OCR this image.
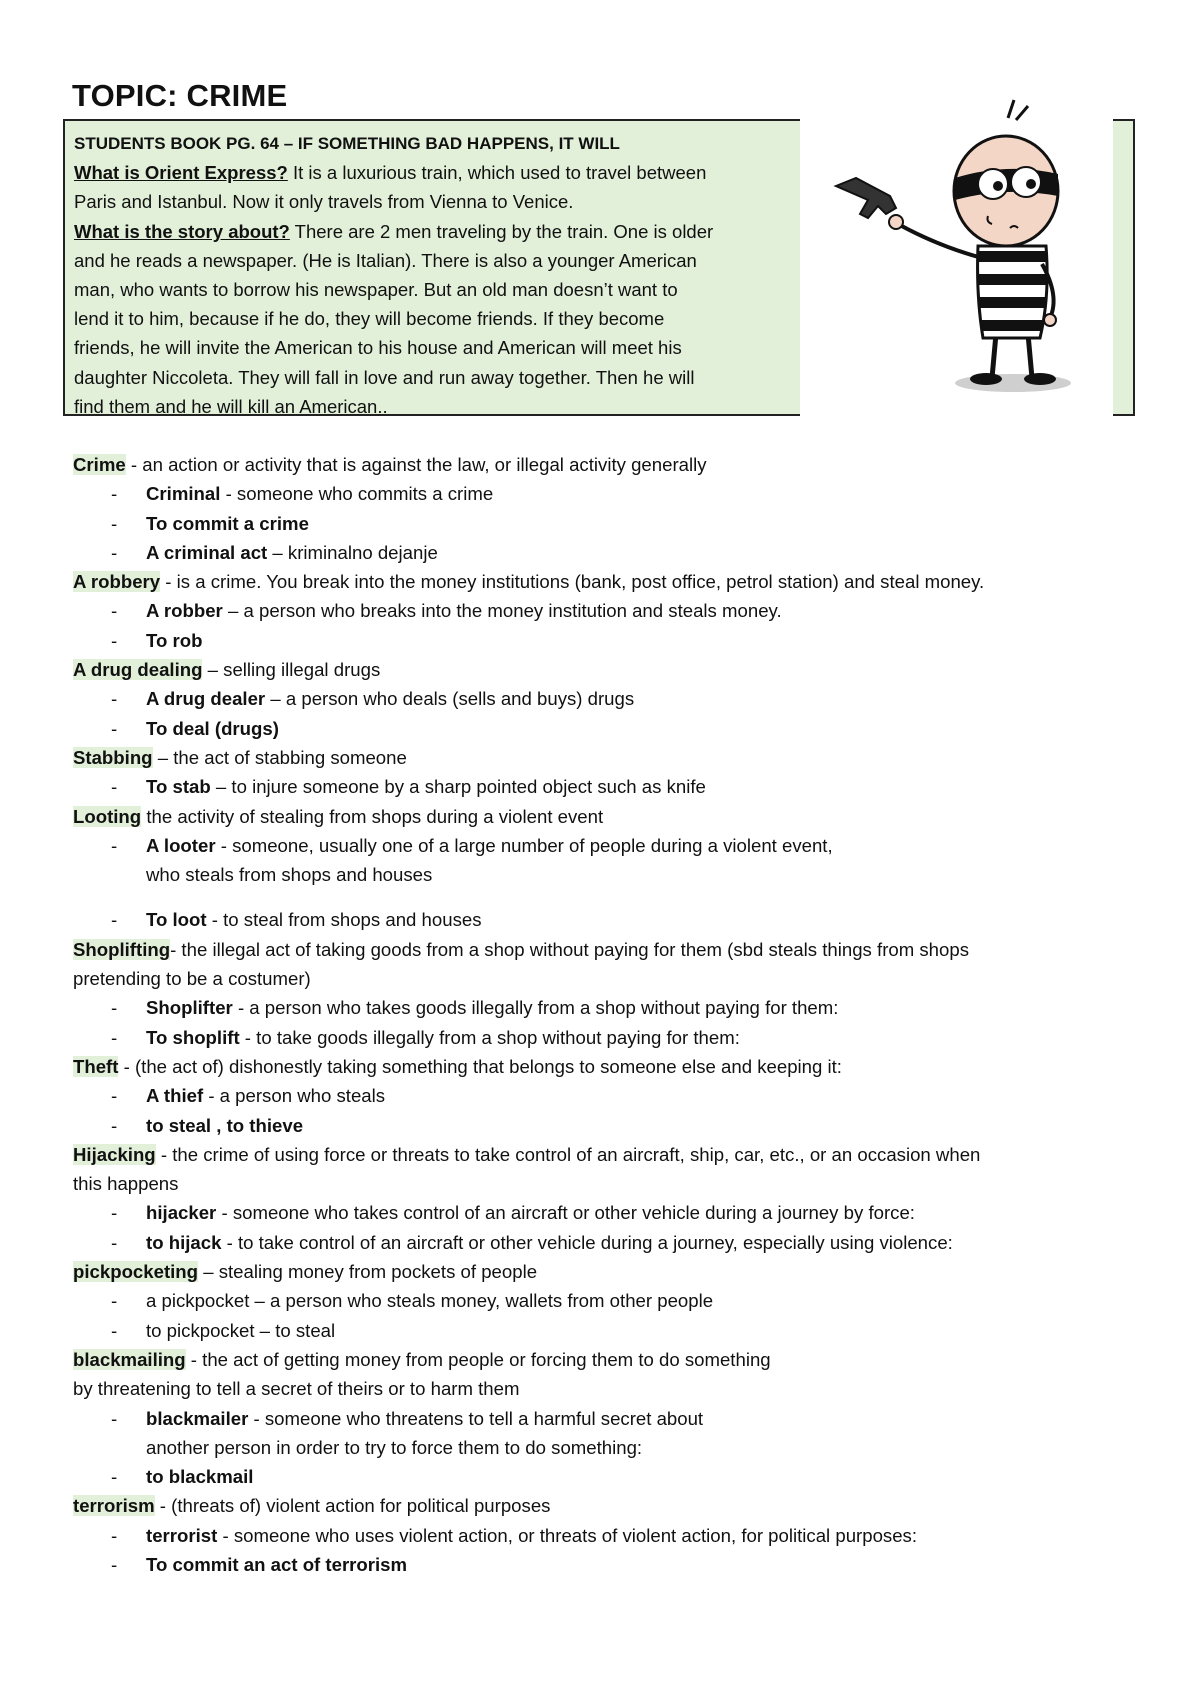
TOPIC: CRIME
STUDENTS BOOK PG. 64 – IF SOMETHING BAD HAPPENS, IT WILL
What is Orient Express? It is a luxurious train, which used to travel between
Paris and Istanbul. Now it only travels from Vienna to Venice.
What is the story about? There are 2 men traveling by the train. One is older
and he reads a newspaper. (He is Italian). There is also a younger American
man, who wants to borrow his newspaper. But an old man doesn’t want to
lend it to him, because if he do, they will become friends. If they become
friends, he will invite the American to his house and American will meet his
daughter Niccoleta. They will fall in love and run away together. Then he will
find them and he will kill an American..
Crime - an action or activity that is against the law, or illegal activity generally
- Criminal - someone who commits a crime
- To commit a crime
- A criminal act – kriminalno dejanje
A robbery - is a crime. You break into the money institutions (bank, post office, petrol station) and steal money.
- A robber – a person who breaks into the money institution and steals money.
- To rob
A drug dealing – selling illegal drugs
- A drug dealer – a person who deals (sells and buys) drugs
- To deal (drugs)
Stabbing – the act of stabbing someone
- To stab – to injure someone by a sharp pointed object such as knife
Looting the activity of stealing from shops during a violent event
- A looter - someone, usually one of a large number of people during a violent event,
who steals from shops and houses
- To loot - to steal from shops and houses
Shoplifting- the illegal act of taking goods from a shop without paying for them (sbd steals things from shops
pretending to be a costumer)
- Shoplifter - a person who takes goods illegally from a shop without paying for them:
- To shoplift - to take goods illegally from a shop without paying for them:
Theft - (the act of) dishonestly taking something that belongs to someone else and keeping it:
- A thief - a person who steals
- to steal , to thieve
Hijacking - the crime of using force or threats to take control of an aircraft, ship, car, etc., or an occasion when
this happens
- hijacker - someone who takes control of an aircraft or other vehicle during a journey by force:
- to hijack - to take control of an aircraft or other vehicle during a journey, especially using violence:
pickpocketing – stealing money from pockets of people
- a pickpocket – a person who steals money, wallets from other people
- to pickpocket – to steal
blackmailing - the act of getting money from people or forcing them to do something
by threatening to tell a secret of theirs or to harm them
- blackmailer - someone who threatens to tell a harmful secret about
another person in order to try to force them to do something:
- to blackmail
terrorism - (threats of) violent action for political purposes
- terrorist - someone who uses violent action, or threats of violent action, for political purposes:
- To commit an act of terrorism
